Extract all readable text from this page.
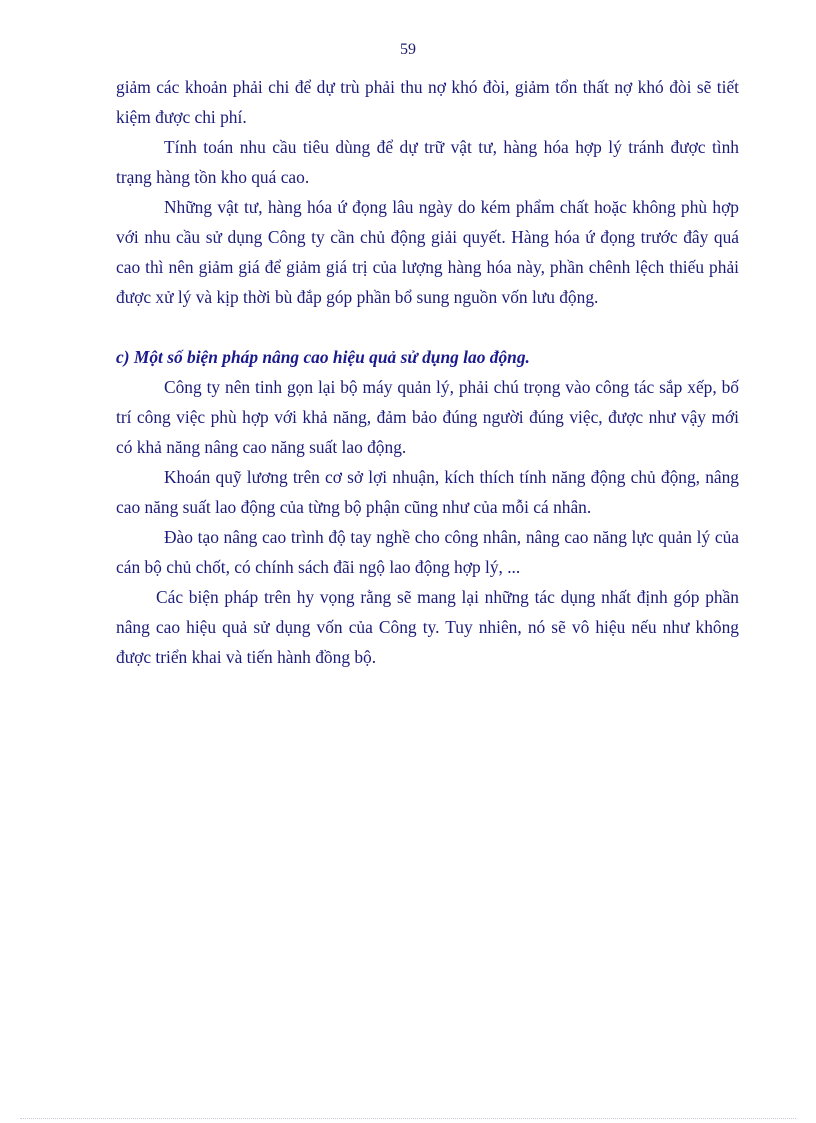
59

giảm các khoản phải chi để dự trù phải thu nợ khó đòi, giảm tổn thất nợ khó đòi sẽ tiết kiệm được chi phí.

Tính toán nhu cầu tiêu dùng để dự trữ vật tư, hàng hóa hợp lý tránh được tình trạng hàng tồn kho quá cao.

Những vật tư, hàng hóa ứ đọng lâu ngày do kém phẩm chất hoặc không phù hợp với nhu cầu sử dụng Công ty cần chủ động giải quyết. Hàng hóa ứ đọng trước đây quá cao thì nên giảm giá để giảm giá trị của lượng hàng hóa này, phần chênh lệch thiếu phải được xử lý và kịp thời bù đắp góp phần bổ sung nguồn vốn lưu động.

c) Một số biện pháp nâng cao hiệu quả sử dụng lao động.

Công ty nên tinh gọn lại bộ máy quản lý, phải chú trọng vào công tác sắp xếp, bố trí công việc phù hợp với khả năng, đảm bảo đúng người đúng việc, được như vậy mới có khả năng nâng cao năng suất lao động.

Khoán quỹ lương trên cơ sở lợi nhuận, kích thích tính năng động chủ động, nâng cao năng suất lao động của từng bộ phận cũng như của mỗi cá nhân.

Đào tạo nâng cao trình độ tay nghề cho công nhân, nâng cao năng lực quản lý của cán bộ chủ chốt, có chính sách đãi ngộ lao động hợp lý, ...

Các biện pháp trên hy vọng rằng sẽ mang lại những tác dụng nhất định góp phần nâng cao hiệu quả sử dụng vốn của Công ty. Tuy nhiên, nó sẽ vô hiệu nếu như không được triển khai và tiến hành đồng bộ.
